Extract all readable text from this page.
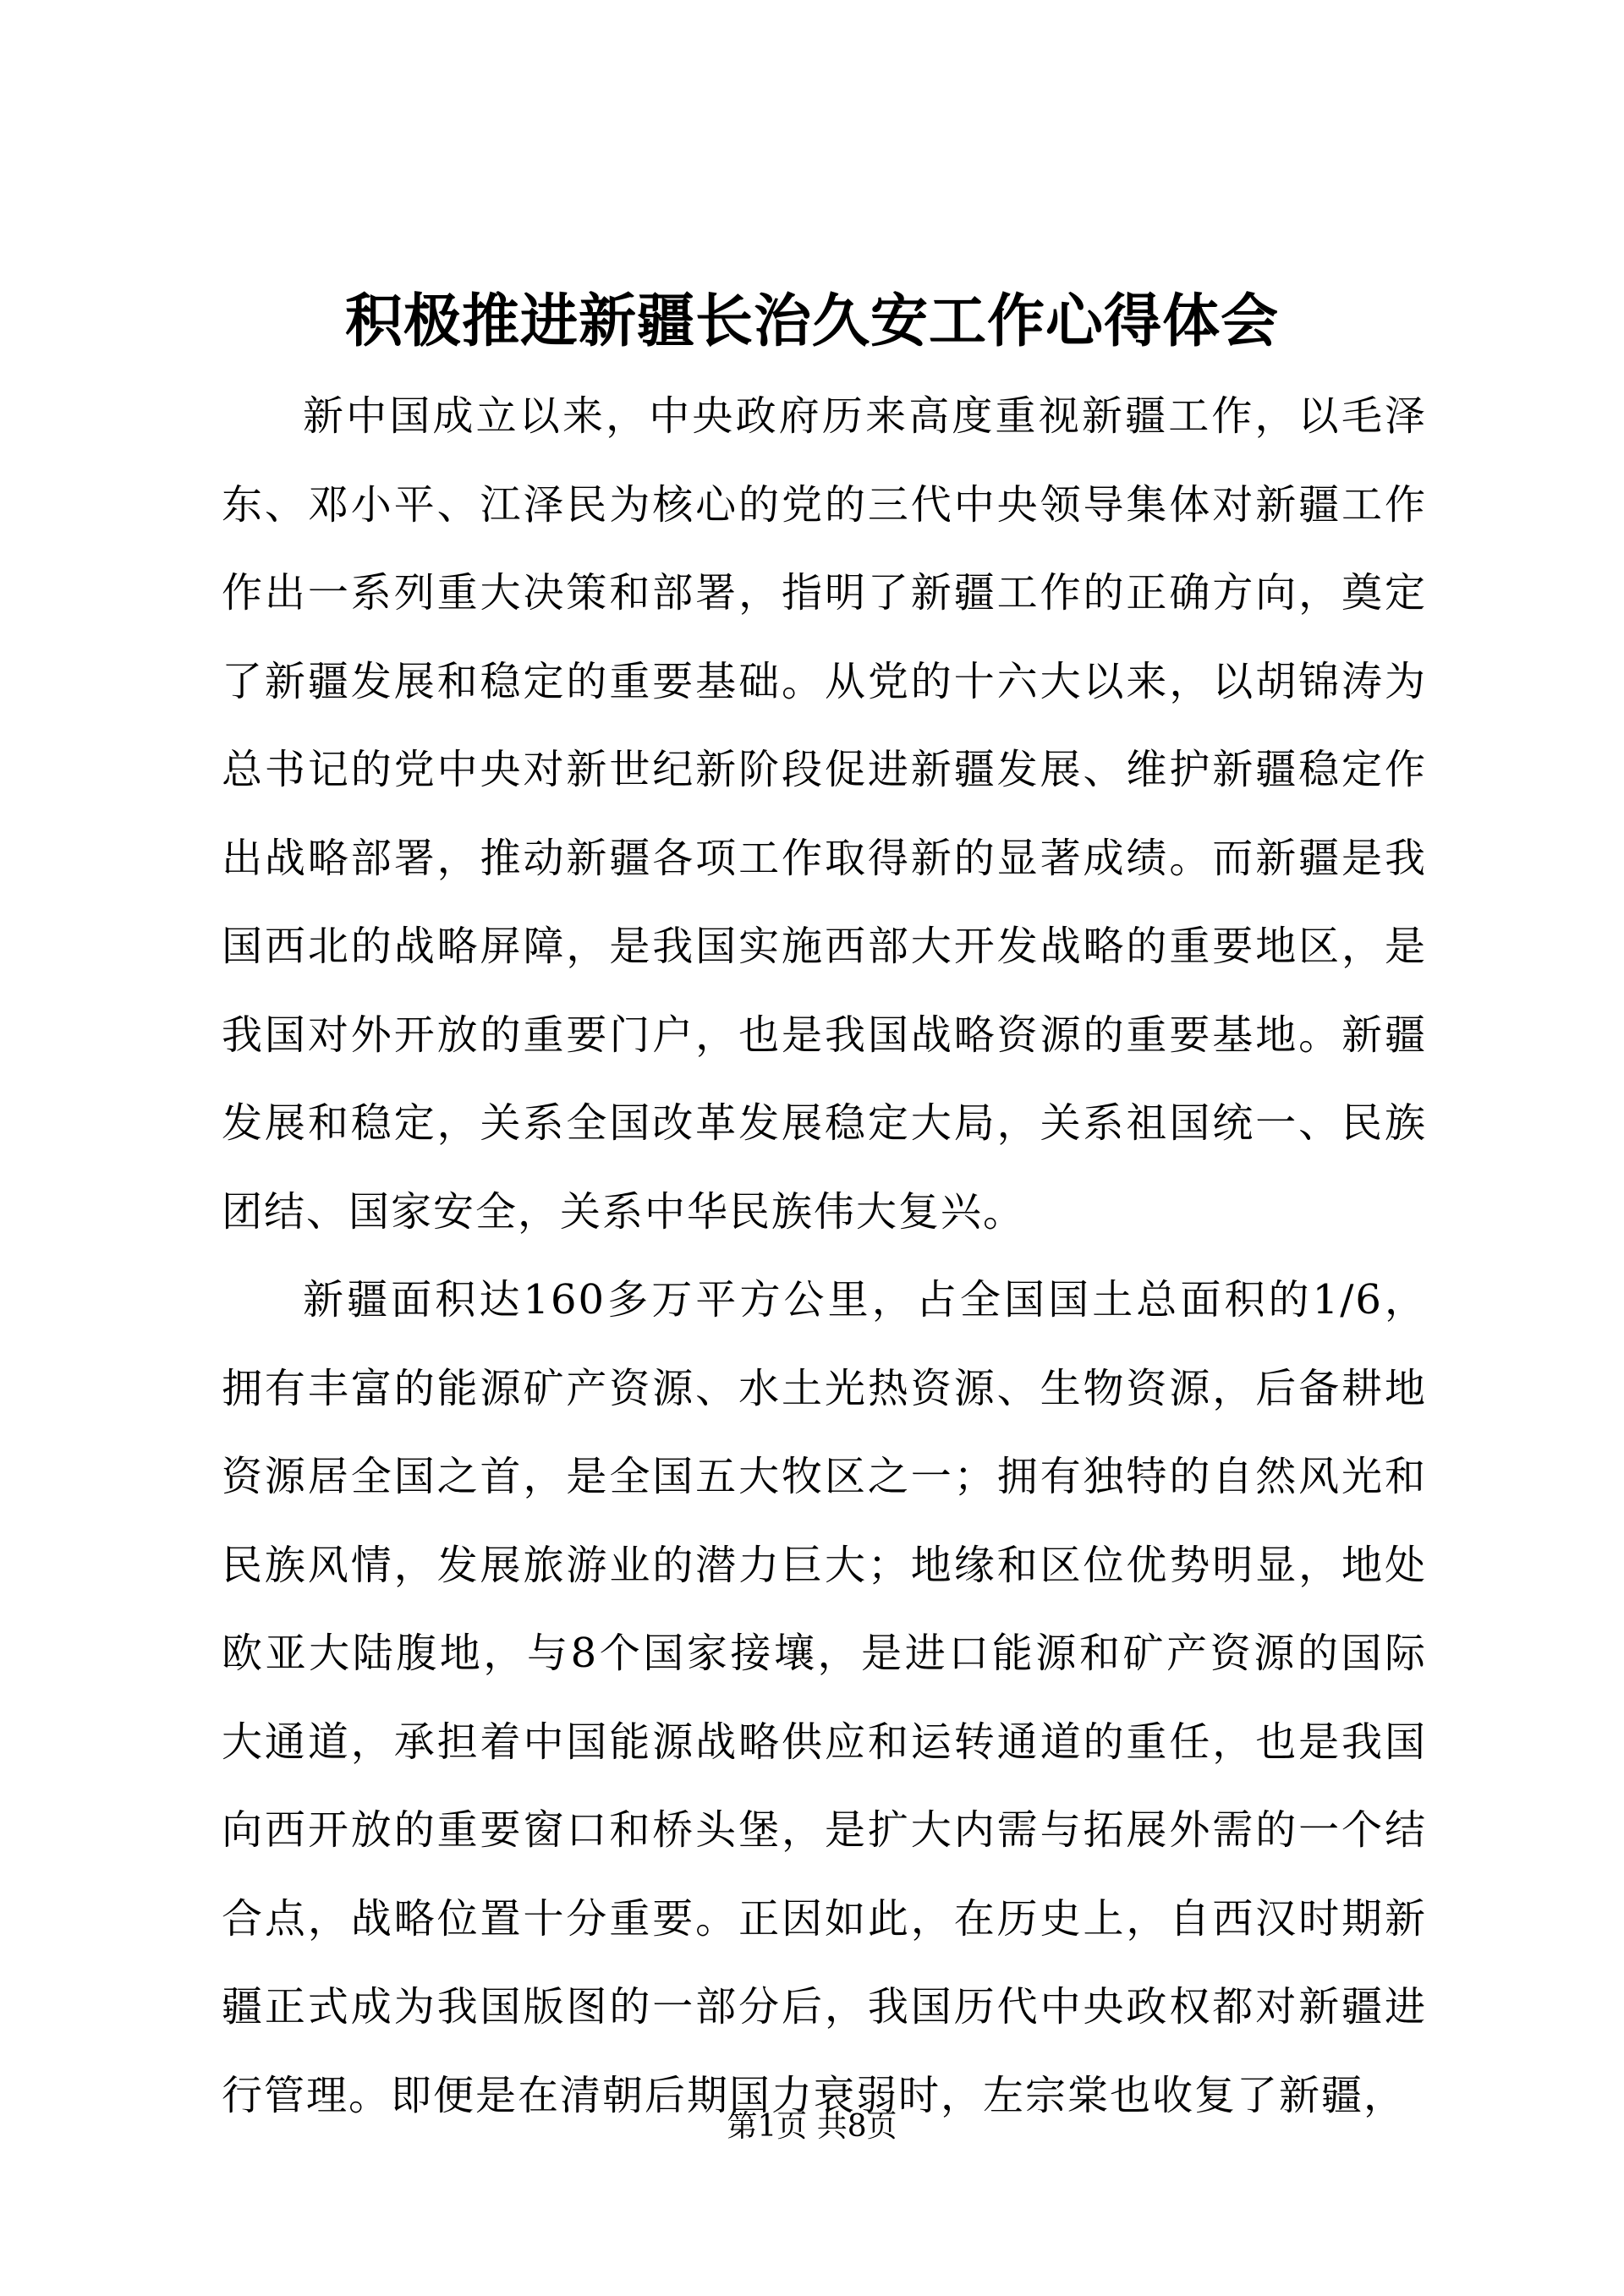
积极推进新疆长治久安工作心得体会

新中国成立以来，中央政府历来高度重视新疆工作，以毛泽东、邓小平、江泽民为核心的党的三代中央领导集体对新疆工作作出一系列重大决策和部署，指明了新疆工作的正确方向，奠定了新疆发展和稳定的重要基础。从党的十六大以来，以胡锦涛为总书记的党中央对新世纪新阶段促进新疆发展、维护新疆稳定作出战略部署，推动新疆各项工作取得新的显著成绩。而新疆是我国西北的战略屏障，是我国实施西部大开发战略的重要地区，是我国对外开放的重要门户，也是我国战略资源的重要基地。新疆发展和稳定，关系全国改革发展稳定大局，关系祖国统一、民族团结、国家安全，关系中华民族伟大复兴。

新疆面积达160多万平方公里，占全国国土总面积的1/6，拥有丰富的能源矿产资源、水土光热资源、生物资源，后备耕地资源居全国之首，是全国五大牧区之一；拥有独特的自然风光和民族风情，发展旅游业的潜力巨大；地缘和区位优势明显，地处欧亚大陆腹地，与8个国家接壤，是进口能源和矿产资源的国际大通道，承担着中国能源战略供应和运转通道的重任，也是我国向西开放的重要窗口和桥头堡，是扩大内需与拓展外需的一个结合点，战略位置十分重要。正因如此，在历史上，自西汉时期新疆正式成为我国版图的一部分后，我国历代中央政权都对新疆进行管理。即便是在清朝后期国力衰弱时，左宗棠也收复了新疆，

第1页 共8页
